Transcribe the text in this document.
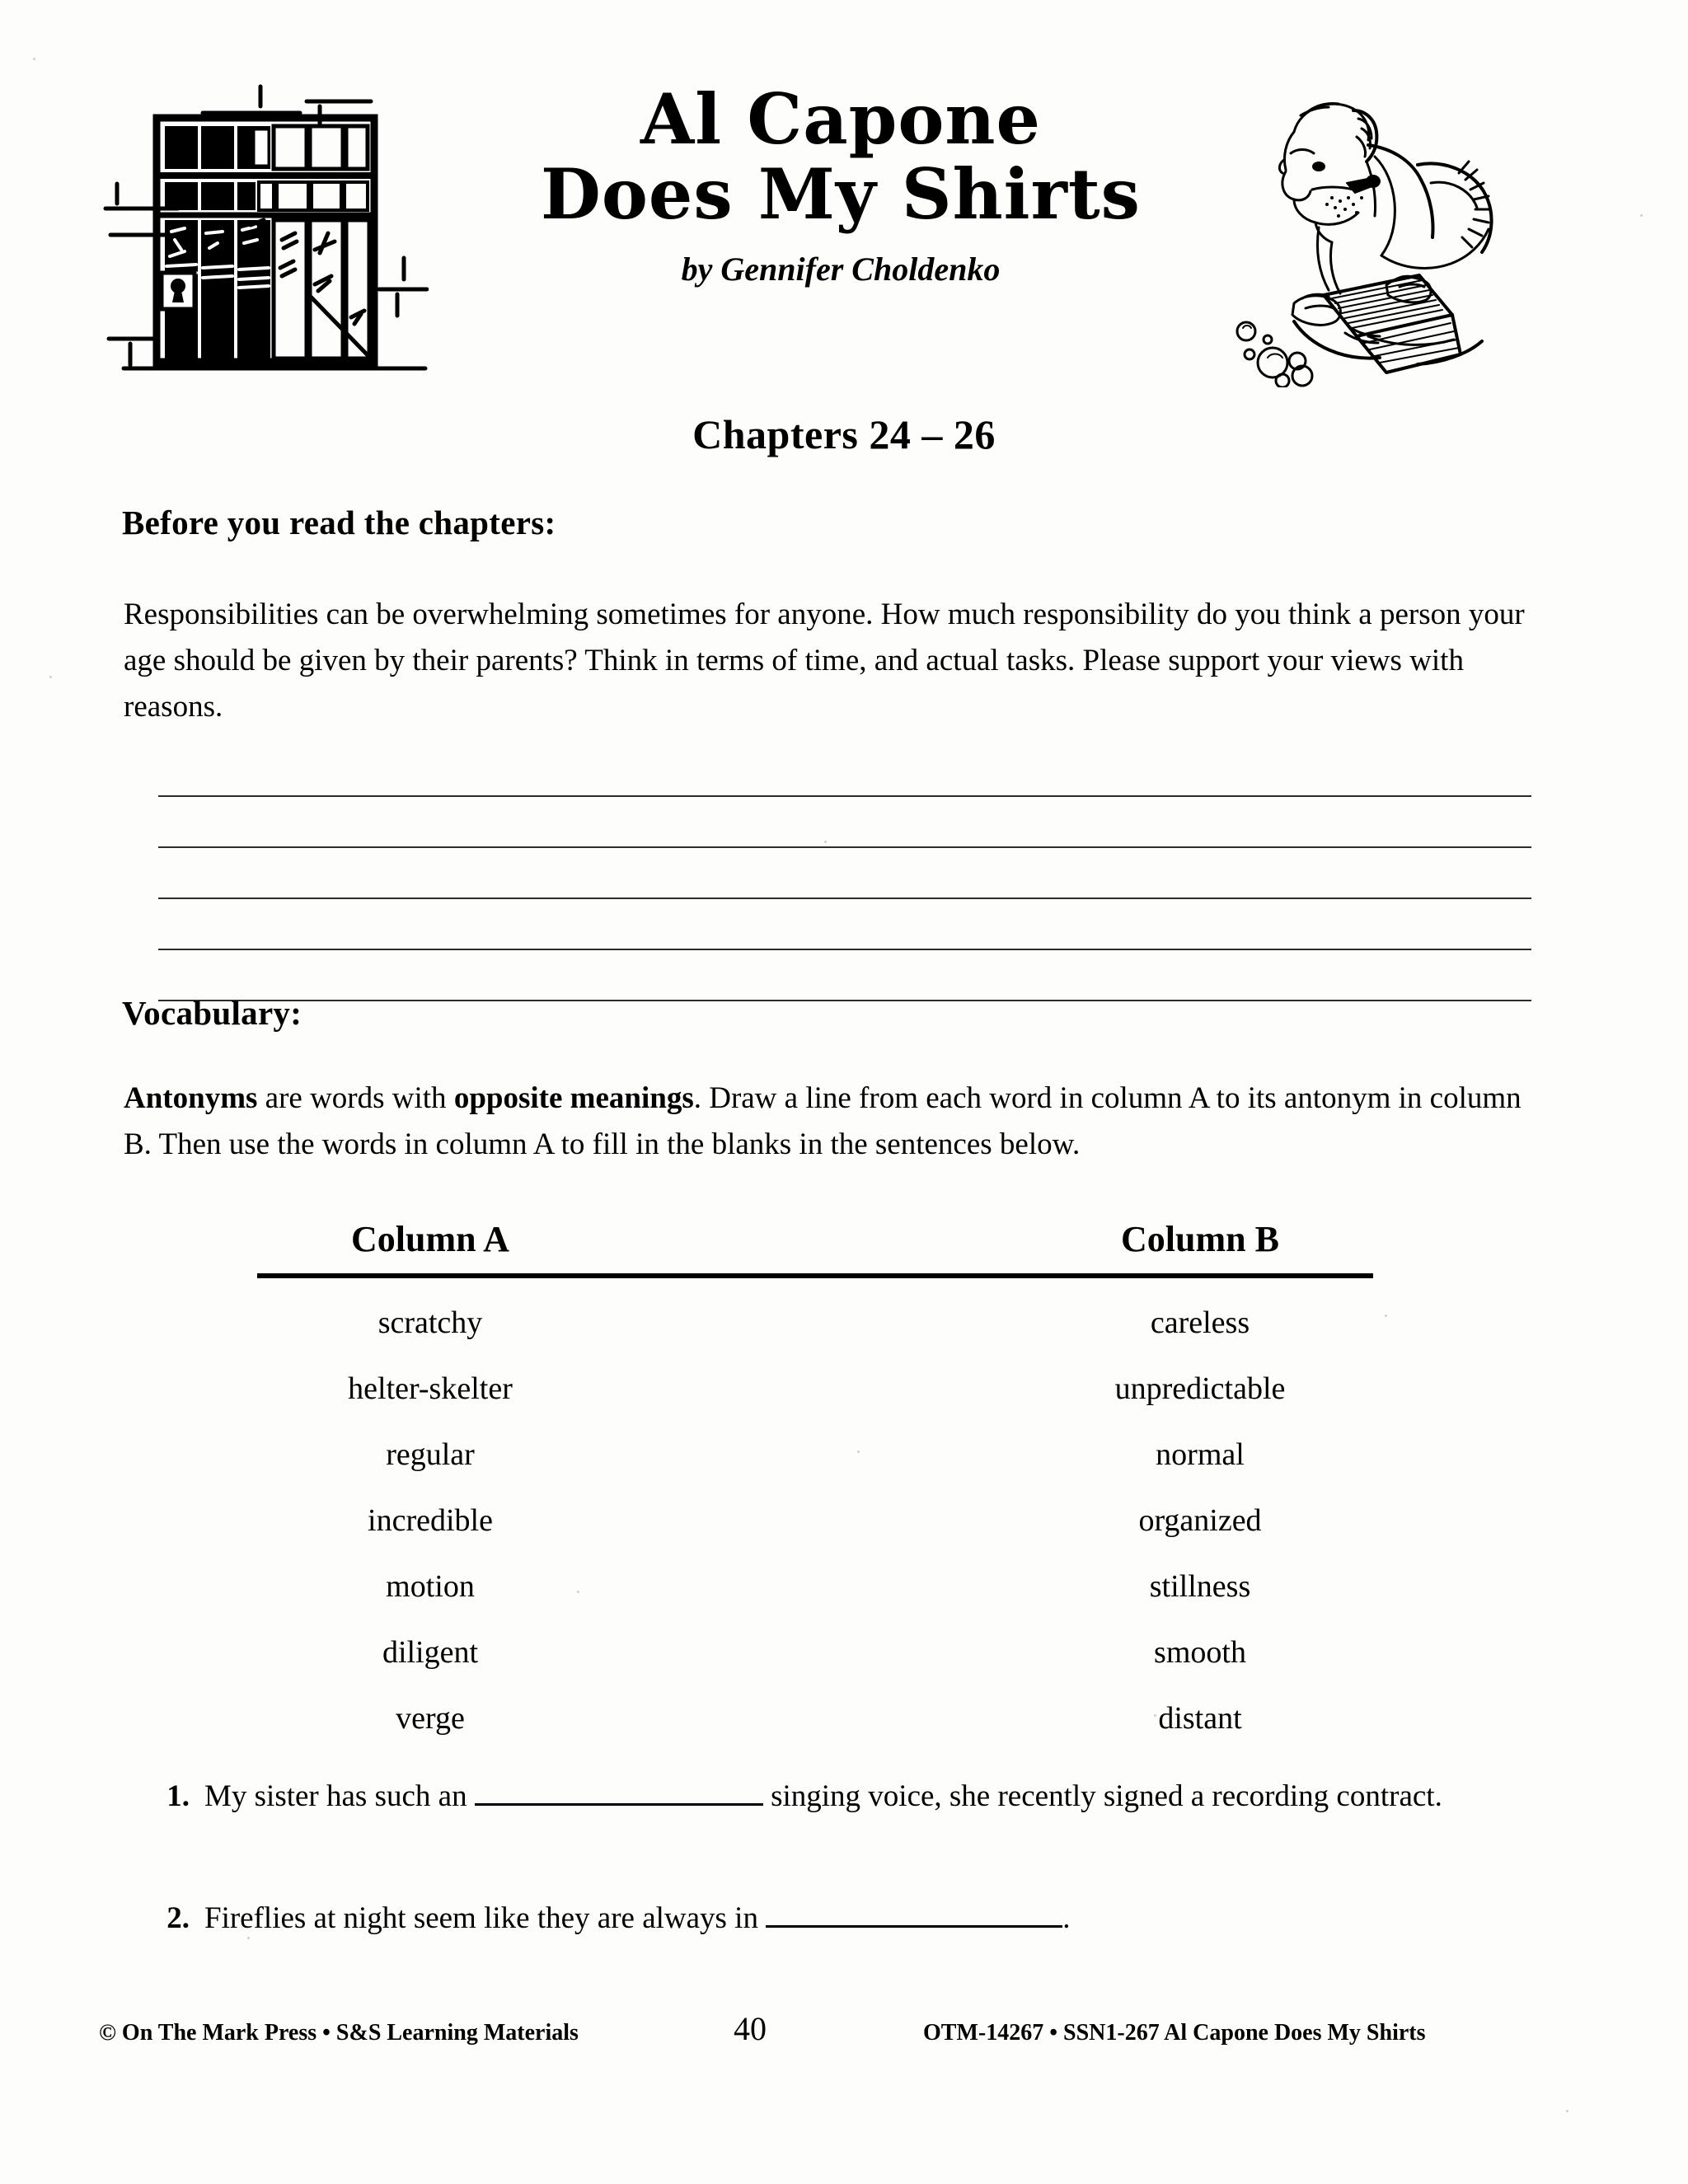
Al Capone
Does My Shirts
by Gennifer Choldenko
Chapters 24 – 26
Before you read the chapters:
Responsibilities can be overwhelming sometimes for anyone. How much responsibility do you think a person your age should be given by their parents? Think in terms of time, and actual tasks. Please support your views with reasons.
Vocabulary:
Antonyms are words with opposite meanings. Draw a line from each word in column A to its antonym in column B. Then use the words in column A to fill in the blanks in the sentences below.
Column A	Column B
scratchy	careless
helter-skelter	unpredictable
regular	normal
incredible	organized
motion	stillness
diligent	smooth
verge	distant
1. My sister has such an	singing voice, she recently signed a recording contract.
2. Fireflies at night seem like they are always in	.
© On The Mark Press • S&S Learning Materials	40	OTM-14267 • SSN1-267 Al Capone Does My Shirts
